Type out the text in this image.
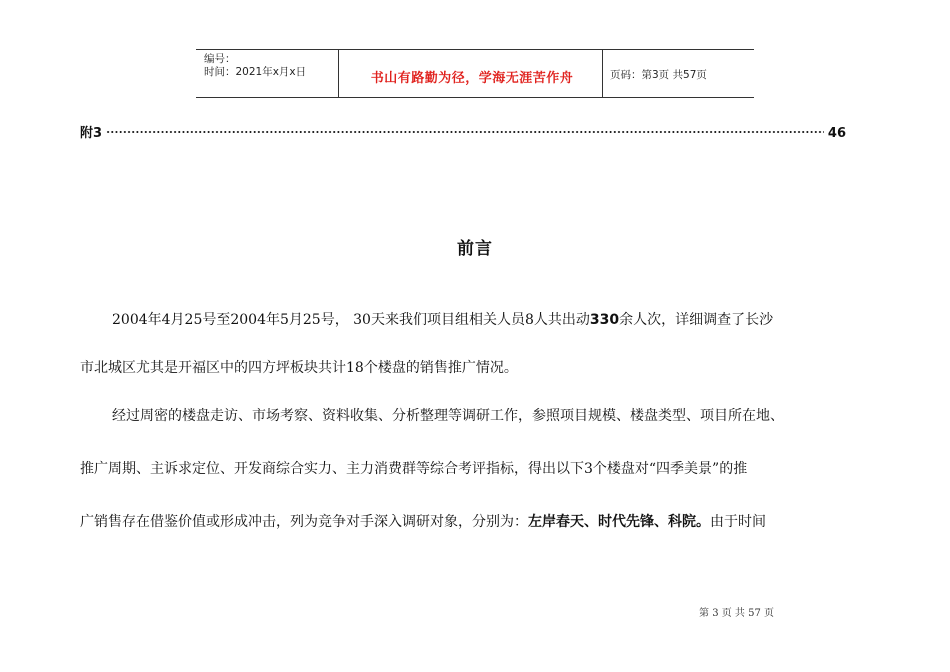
编号：
时间：2021年x月x日	书山有路勤为径，学海无涯苦作舟	页码：第3页 共57页
附3	46
前言
2004年4月25号至2004年5月25号， 30天来我们项目组相关人员8人共出动330余人次，详细调查了长沙
市北城区尤其是开福区中的四方坪板块共计18个楼盘的销售推广情况。
经过周密的楼盘走访、市场考察、资料收集、分析整理等调研工作，参照项目规模、楼盘类型、项目所在地、
推广周期、主诉求定位、开发商综合实力、主力消费群等综合考评指标，得出以下3个楼盘对“四季美景”的推
广销售存在借鉴价值或形成冲击，列为竞争对手深入调研对象，分别为：左岸春天、时代先锋、科院。由于时间
第 3 页 共 57 页
